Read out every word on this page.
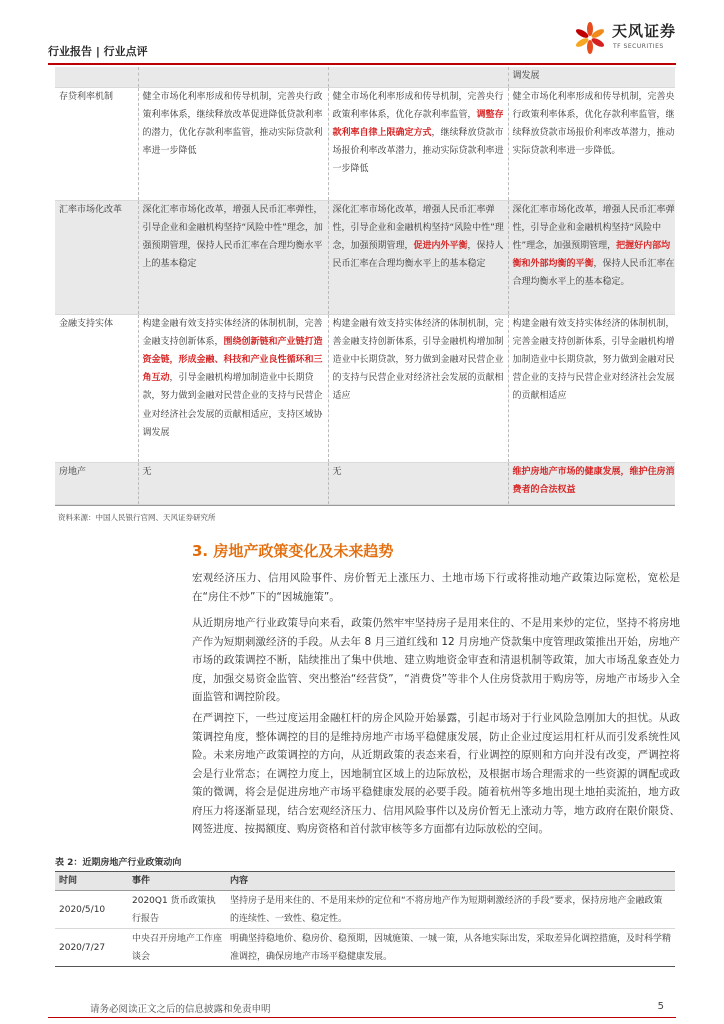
行业报告 | 行业点评
天风证券
TF SECURITIES
			调发展
存贷利率机制	健全市场化利率形成和传导机制，完善央行政策利率体系，继续释放改革促进降低贷款利率的潜力，优化存款利率监管，推动实际贷款利率进一步降低	健全市场化利率形成和传导机制，完善央行政策利率体系，优化存款利率监管，调整存款利率自律上限确定方式，继续释放贷款市场报价利率改革潜力，推动实际贷款利率进一步降低	健全市场化利率形成和传导机制，完善央行政策利率体系，优化存款利率监管，继续释放贷款市场报价利率改革潜力，推动实际贷款利率进一步降低。
汇率市场化改革	深化汇率市场化改革，增强人民币汇率弹性，引导企业和金融机构坚持“风险中性”理念，加强预期管理，保持人民币汇率在合理均衡水平上的基本稳定	深化汇率市场化改革，增强人民币汇率弹性，引导企业和金融机构坚持“风险中性”理念，加强预期管理，促进内外平衡，保持人民币汇率在合理均衡水平上的基本稳定	深化汇率市场化改革，增强人民币汇率弹性，引导企业和金融机构坚持“风险中性”理念，加强预期管理，把握好内部均衡和外部均衡的平衡，保持人民币汇率在合理均衡水平上的基本稳定。
金融支持实体	构建金融有效支持实体经济的体制机制，完善金融支持创新体系，围绕创新链和产业链打造资金链，形成金融、科技和产业良性循环和三角互动，引导金融机构增加制造业中长期贷款，努力做到金融对民营企业的支持与民营企业对经济社会发展的贡献相适应，支持区域协调发展	构建金融有效支持实体经济的体制机制，完善金融支持创新体系，引导金融机构增加制造业中长期贷款，努力做到金融对民营企业的支持与民营企业对经济社会发展的贡献相适应	构建金融有效支持实体经济的体制机制，完善金融支持创新体系，引导金融机构增加制造业中长期贷款，努力做到金融对民营企业的支持与民营企业对经济社会发展的贡献相适应
房地产	无	无	维护房地产市场的健康发展，维护住房消费者的合法权益
资料来源：中国人民银行官网、天风证券研究所
3. 房地产政策变化及未来趋势
宏观经济压力、信用风险事件、房价暂无上涨压力、土地市场下行或将推动地产政策边际宽松，宽松是在“房住不炒”下的“因城施策”。
从近期房地产行业政策导向来看，政策仍然牢牢坚持房子是用来住的、不是用来炒的定位，坚持不将房地产作为短期刺激经济的手段。从去年 8 月三道红线和 12 月房地产贷款集中度管理政策推出开始，房地产市场的政策调控不断，陆续推出了集中供地、建立购地资金审查和清退机制等政策，加大市场乱象查处力度，加强交易资金监管、突出整治“经营贷”，“消费贷”等非个人住房贷款用于购房等，房地产市场步入全面监管和调控阶段。
在严调控下，一些过度运用金融杠杆的房企风险开始暴露，引起市场对于行业风险急刚加大的担忧。从政策调控角度，整体调控的目的是维持房地产市场平稳健康发展，防止企业过度运用杠杆从而引发系统性风险。未来房地产政策调控的方向，从近期政策的表态来看，行业调控的原则和方向并没有改变，严调控将会是行业常态；在调控力度上，因地制宜区域上的边际放松，及根据市场合理需求的一些资源的调配或政策的微调，将会是促进房地产市场平稳健康发展的必要手段。随着杭州等多地出现土地拍卖流拍，地方政府压力将逐渐显现，结合宏观经济压力、信用风险事件以及房价暂无上涨动力等，地方政府在限价限贷、网签进度、按揭额度、购房资格和首付款审核等多方面都有边际放松的空间。
表 2：近期房地产行业政策动向
时间	事件	内容
2020/5/10	2020Q1 货币政策执行报告	坚持房子是用来住的、不是用来炒的定位和“不将房地产作为短期刺激经济的手段”要求，保持房地产金融政策的连续性、一致性、稳定性。
2020/7/27	中央召开房地产工作座谈会	明确坚持稳地价、稳房价、稳预期，因城施策、一城一策，从各地实际出发，采取差异化调控措施，及时科学精准调控，确保房地产市场平稳健康发展。
请务必阅读正文之后的信息披露和免责申明	5
